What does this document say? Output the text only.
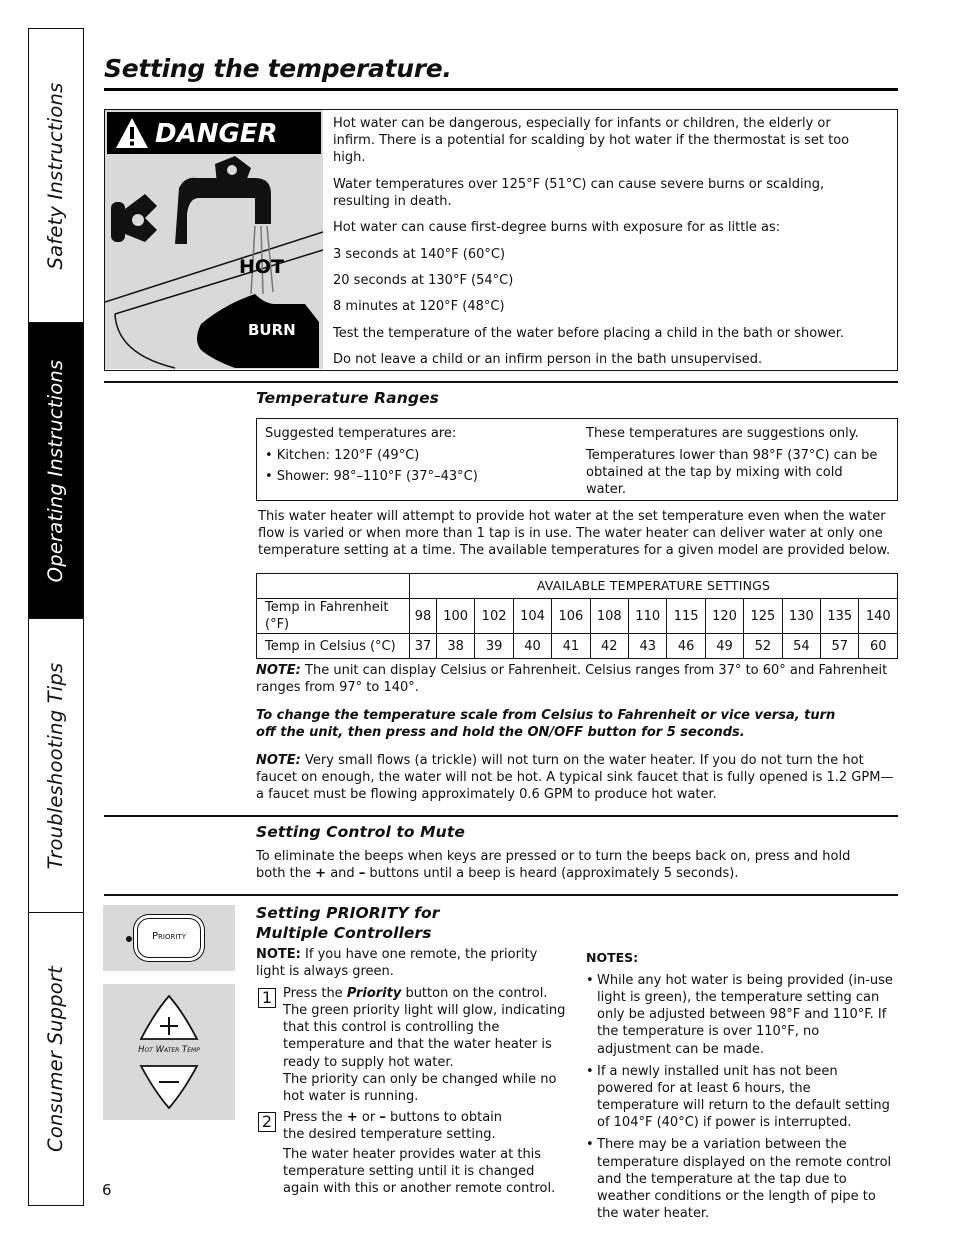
Safety Instructions
Operating Instructions
Troubleshooting Tips
Consumer Support
Setting the temperature.
DANGER
HOT
BURN

Hot water can be dangerous, especially for infants or children, the elderly or infirm. There is a potential for scalding by hot water if the thermostat is set too high.

Water temperatures over 125°F (51°C) can cause severe burns or scalding, resulting in death.

Hot water can cause first-degree burns with exposure for as little as:

3 seconds at 140°F (60°C)

20 seconds at 130°F (54°C)

8 minutes at 120°F (48°C)

Test the temperature of the water before placing a child in the bath or shower.

Do not leave a child or an infirm person in the bath unsupervised.

Temperature Ranges
Suggested temperatures are:
• Kitchen: 120°F (49°C)
• Shower: 98°–110°F (37°–43°C)
These temperatures are suggestions only.
Temperatures lower than 98°F (37°C) can be obtained at the tap by mixing with cold water.
This water heater will attempt to provide hot water at the set temperature even when the water flow is varied or when more than 1 tap is in use. The water heater can deliver water at only one temperature setting at a time. The available temperatures for a given model are provided below.
	AVAILABLE TEMPERATURE SETTINGS												
Temp in Fahrenheit (°F)	98	100	102	104	106	108	110	115	120	125	130	135	140
Temp in Celsius (°C)	37	38	39	40	41	42	43	46	49	52	54	57	60
NOTE: The unit can display Celsius or Fahrenheit. Celsius ranges from 37° to 60° and Fahrenheit ranges from 97° to 140°.
To change the temperature scale from Celsius to Fahrenheit or vice versa, turn off the unit, then press and hold the ON/OFF button for 5 seconds.
NOTE: Very small flows (a trickle) will not turn on the water heater. If you do not turn the hot faucet on enough, the water will not be hot. A typical sink faucet that is fully opened is 1.2 GPM—a faucet must be flowing approximately 0.6 GPM to produce hot water.
Setting Control to Mute
To eliminate the beeps when keys are pressed or to turn the beeps back on, press and hold both the + and – buttons until a beep is heard (approximately 5 seconds).
Priority
Hot Water Temp
Setting PRIORITY for
Multiple Controllers
NOTE: If you have one remote, the priority light is always green.
1 Press the Priority button on the control. The green priority light will glow, indicating that this control is controlling the temperature and that the water heater is ready to supply hot water.
The priority can only be changed while no hot water is running.
2 Press the + or – buttons to obtain the desired temperature setting.
The water heater provides water at this temperature setting until it is changed again with this or another remote control.
NOTES:
• While any hot water is being provided (in-use light is green), the temperature setting can only be adjusted between 98°F and 110°F. If the temperature is over 110°F, no adjustment can be made.
• If a newly installed unit has not been powered for at least 6 hours, the temperature will return to the default setting of 104°F (40°C) if power is interrupted.
• There may be a variation between the temperature displayed on the remote control and the temperature at the tap due to weather conditions or the length of pipe to the water heater.
6
